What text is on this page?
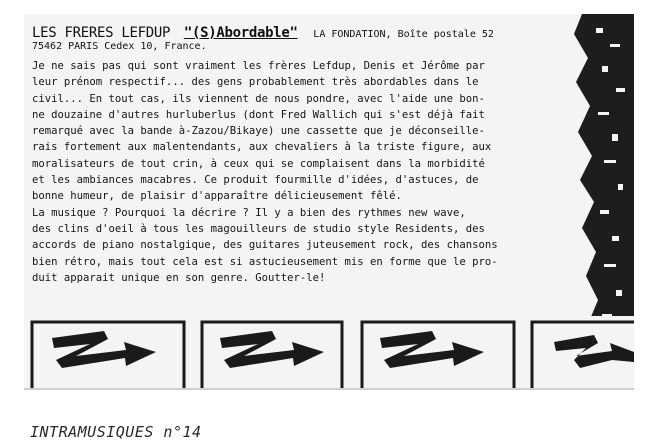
LES FRERES LEFDUP "(S)Abordable" LA FONDATION, Boîte postale 52
75462 PARIS Cedex 10, France.
Je ne sais pas qui sont vraiment les frères Lefdup, Denis et Jérôme par
leur prénom respectif... des gens probablement très abordables dans le
civil... En tout cas, ils viennent de nous pondre, avec l'aide une bon-
ne douzaine d'autres hurluberlus (dont Fred Wallich qui s'est déjà fait
remarqué avec la bande à-Zazou/Bikaye) une cassette que je déconseille-
rais fortement aux malentendants, aux chevaliers à la triste figure, aux
moralisateurs de tout crin, à ceux qui se complaisent dans la morbidité
et les ambiances macabres. Ce produit fourmille d'idées, d'astuces, de
bonne humeur, de plaisir d'apparaître délicieusement fêlé.
La musique ? Pourquoi la décrire ? Il y a bien des rythmes new wave,
des clins d'oeil à tous les magouilleurs de studio style Residents, des
accords de piano nostalgique, des guitares juteusement rock, des chansons
bien rétro, mais tout cela est si astucieusement mis en forme que le pro-
duit apparait unique en son genre. Goutter-le!
INTRAMUSIQUES n°14
